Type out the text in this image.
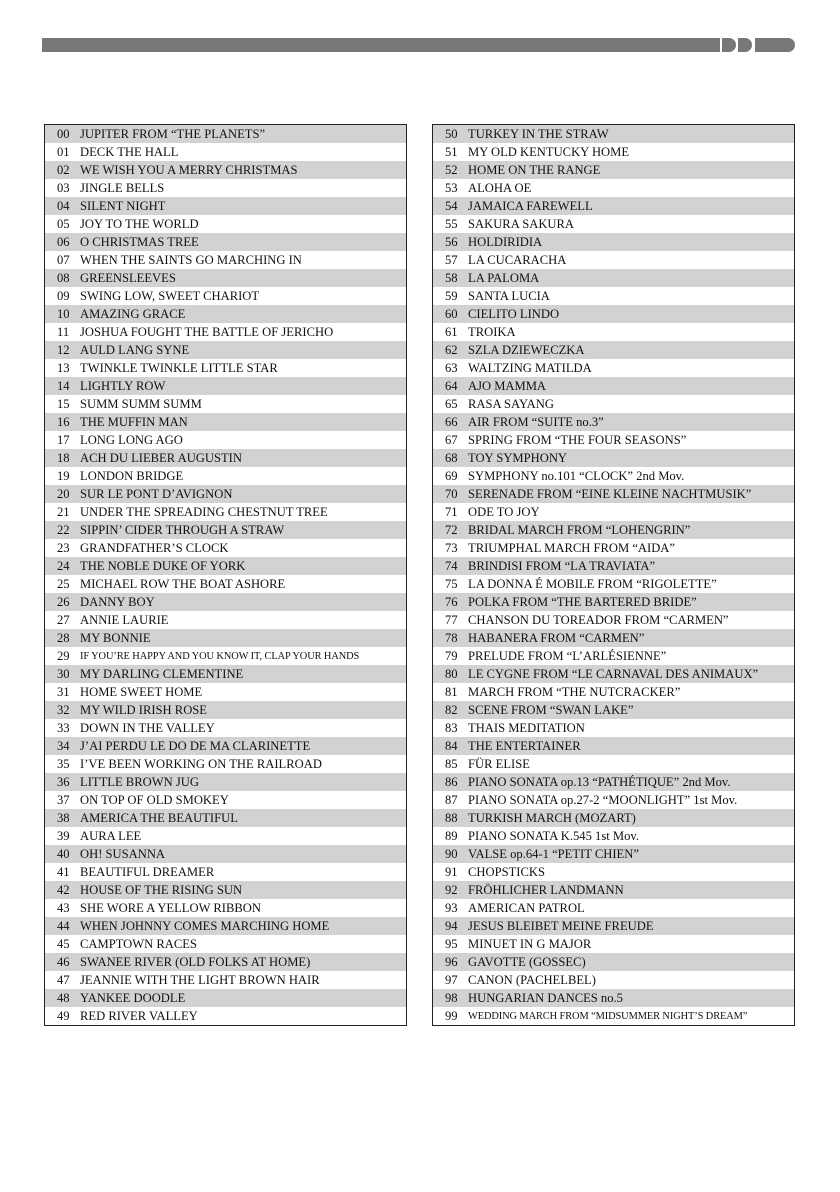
00 JUPITER FROM “THE PLANETS”
01 DECK THE HALL
02 WE WISH YOU A MERRY CHRISTMAS
03 JINGLE BELLS
04 SILENT NIGHT
05 JOY TO THE WORLD
06 O CHRISTMAS TREE
07 WHEN THE SAINTS GO MARCHING IN
08 GREENSLEEVES
09 SWING LOW, SWEET CHARIOT
10 AMAZING GRACE
11 JOSHUA FOUGHT THE BATTLE OF JERICHO
12 AULD LANG SYNE
13 TWINKLE TWINKLE LITTLE STAR
14 LIGHTLY ROW
15 SUMM SUMM SUMM
16 THE MUFFIN MAN
17 LONG LONG AGO
18 ACH DU LIEBER AUGUSTIN
19 LONDON BRIDGE
20 SUR LE PONT D’AVIGNON
21 UNDER THE SPREADING CHESTNUT TREE
22 SIPPIN’ CIDER THROUGH A STRAW
23 GRANDFATHER’S CLOCK
24 THE NOBLE DUKE OF YORK
25 MICHAEL ROW THE BOAT ASHORE
26 DANNY BOY
27 ANNIE LAURIE
28 MY BONNIE
29	IF YOU’RE HAPPY AND YOU KNOW IT, CLAP YOUR HANDS
30 MY DARLING CLEMENTINE
31 HOME SWEET HOME
32 MY WILD IRISH ROSE
33 DOWN IN THE VALLEY
34 J’AI PERDU LE DO DE MA CLARINETTE
35 I’VE BEEN WORKING ON THE RAILROAD
36 LITTLE BROWN JUG
37 ON TOP OF OLD SMOKEY
38 AMERICA THE BEAUTIFUL
39 AURA LEE
40 OH! SUSANNA
41 BEAUTIFUL DREAMER
42 HOUSE OF THE RISING SUN
43 SHE WORE A YELLOW RIBBON
44 WHEN JOHNNY COMES MARCHING HOME
45 CAMPTOWN RACES
46 SWANEE RIVER (OLD FOLKS AT HOME)
47 JEANNIE WITH THE LIGHT BROWN HAIR
48 YANKEE DOODLE
49 RED RIVER VALLEY
50 TURKEY IN THE STRAW
51 MY OLD KENTUCKY HOME
52 HOME ON THE RANGE
53 ALOHA OE
54 JAMAICA FAREWELL
55 SAKURA SAKURA
56 HOLDIRIDIA
57 LA CUCARACHA
58 LA PALOMA
59 SANTA LUCIA
60 CIELITO LINDO
61 TROIKA
62 SZLA DZIEWECZKA
63 WALTZING MATILDA
64 AJO MAMMA
65 RASA SAYANG
66 AIR FROM “SUITE no.3”
67 SPRING FROM “THE FOUR SEASONS”
68 TOY SYMPHONY
69 SYMPHONY no.101 “CLOCK” 2nd Mov.
70 SERENADE FROM “EINE KLEINE NACHTMUSIK”
71 ODE TO JOY
72 BRIDAL MARCH FROM “LOHENGRIN”
73 TRIUMPHAL MARCH FROM “AIDA”
74 BRINDISI FROM “LA TRAVIATA”
75 LA DONNA É MOBILE FROM “RIGOLETTE”
76 POLKA FROM “THE BARTERED BRIDE”
77 CHANSON DU TOREADOR FROM “CARMEN”
78 HABANERA FROM “CARMEN”
79 PRELUDE FROM “L’ARLÉSIENNE”
80 LE CYGNE FROM “LE CARNAVAL DES ANIMAUX”
81 MARCH FROM “THE NUTCRACKER”
82 SCENE FROM “SWAN LAKE”
83 THAIS MEDITATION
84 THE ENTERTAINER
85 FÜR ELISE
86 PIANO SONATA op.13 “PATHÉTIQUE” 2nd Mov.
87 PIANO SONATA op.27-2 “MOONLIGHT” 1st Mov.
88 TURKISH MARCH (MOZART)
89 PIANO SONATA K.545 1st Mov.
90 VALSE op.64-1 “PETIT CHIEN”
91 CHOPSTICKS
92 FRÖHLICHER LANDMANN
93 AMERICAN PATROL
94 JESUS BLEIBET MEINE FREUDE
95 MINUET IN G MAJOR
96 GAVOTTE (GOSSEC)
97 CANON (PACHELBEL)
98 HUNGARIAN DANCES no.5
99	WEDDING MARCH FROM “MIDSUMMER NIGHT’S DREAM”
